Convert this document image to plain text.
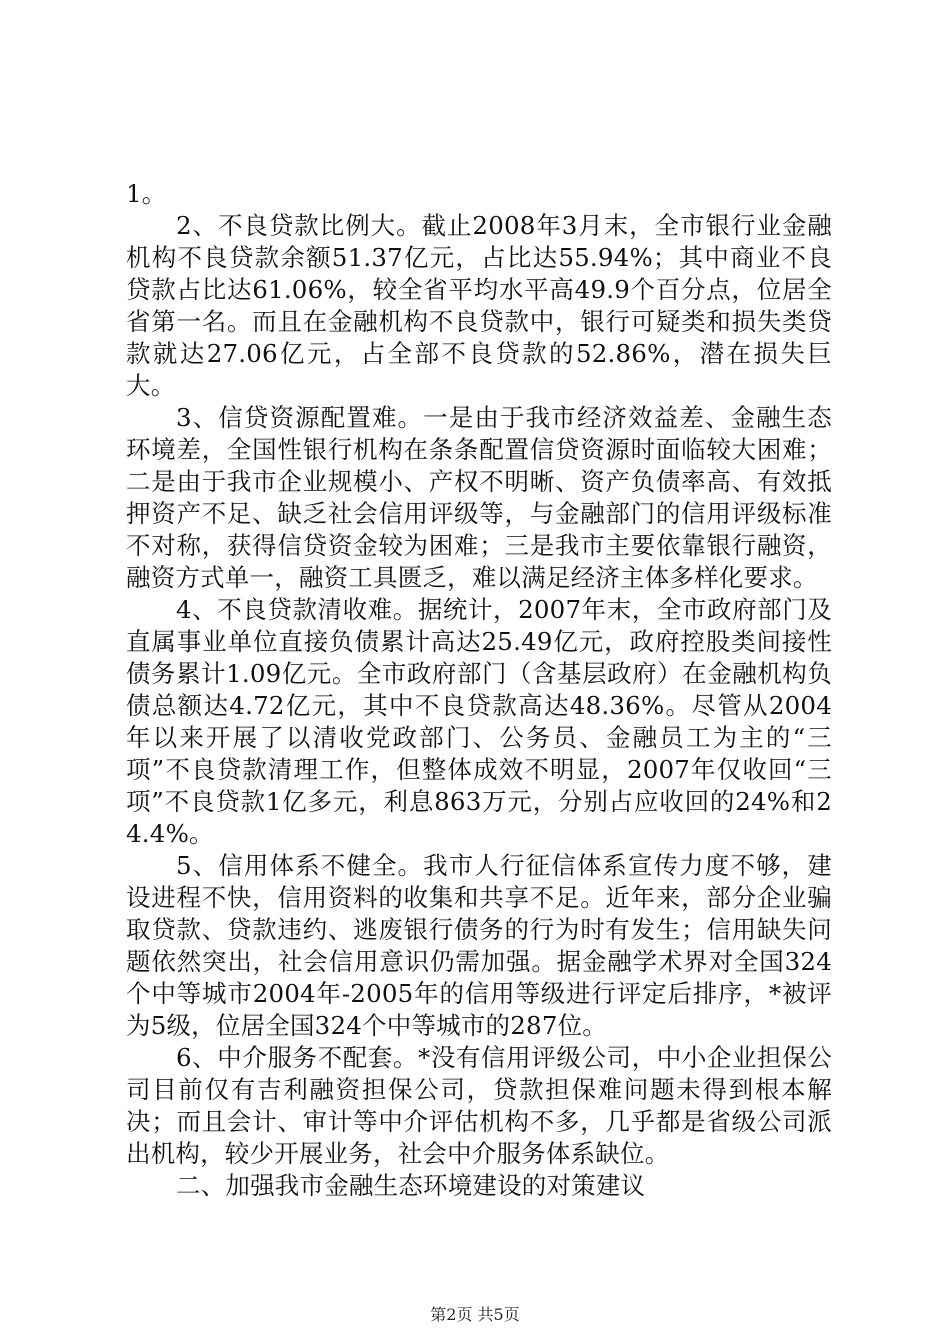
1。

2、不良贷款比例大。截止2008年3月末，全市银行业金融机构不良贷款余额51.37亿元，占比达55.94%；其中商业不良贷款占比达61.06%，较全省平均水平高49.9个百分点，位居全省第一名。而且在金融机构不良贷款中，银行可疑类和损失类贷款就达27.06亿元，占全部不良贷款的52.86%，潜在损失巨大。

3、信贷资源配置难。一是由于我市经济效益差、金融生态环境差，全国性银行机构在条条配置信贷资源时面临较大困难；二是由于我市企业规模小、产权不明晰、资产负债率高、有效抵押资产不足、缺乏社会信用评级等，与金融部门的信用评级标准不对称，获得信贷资金较为困难；三是我市主要依靠银行融资，融资方式单一，融资工具匮乏，难以满足经济主体多样化要求。

4、不良贷款清收难。据统计，2007年末，全市政府部门及直属事业单位直接负债累计高达25.49亿元，政府控股类间接性债务累计1.09亿元。全市政府部门（含基层政府）在金融机构负债总额达4.72亿元，其中不良贷款高达48.36%。尽管从2004年以来开展了以清收党政部门、公务员、金融员工为主的“三项”不良贷款清理工作，但整体成效不明显，2007年仅收回“三项”不良贷款1亿多元，利息863万元，分别占应收回的24%和24.4%。

5、信用体系不健全。我市人行征信体系宣传力度不够，建设进程不快，信用资料的收集和共享不足。近年来，部分企业骗取贷款、贷款违约、逃废银行债务的行为时有发生；信用缺失问题依然突出，社会信用意识仍需加强。据金融学术界对全国324个中等城市2004年-2005年的信用等级进行评定后排序，*被评为5级，位居全国324个中等城市的287位。

6、中介服务不配套。*没有信用评级公司，中小企业担保公司目前仅有吉利融资担保公司，贷款担保难问题未得到根本解决；而且会计、审计等中介评估机构不多，几乎都是省级公司派出机构，较少开展业务，社会中介服务体系缺位。

二、加强我市金融生态环境建设的对策建议

第2页 共5页
